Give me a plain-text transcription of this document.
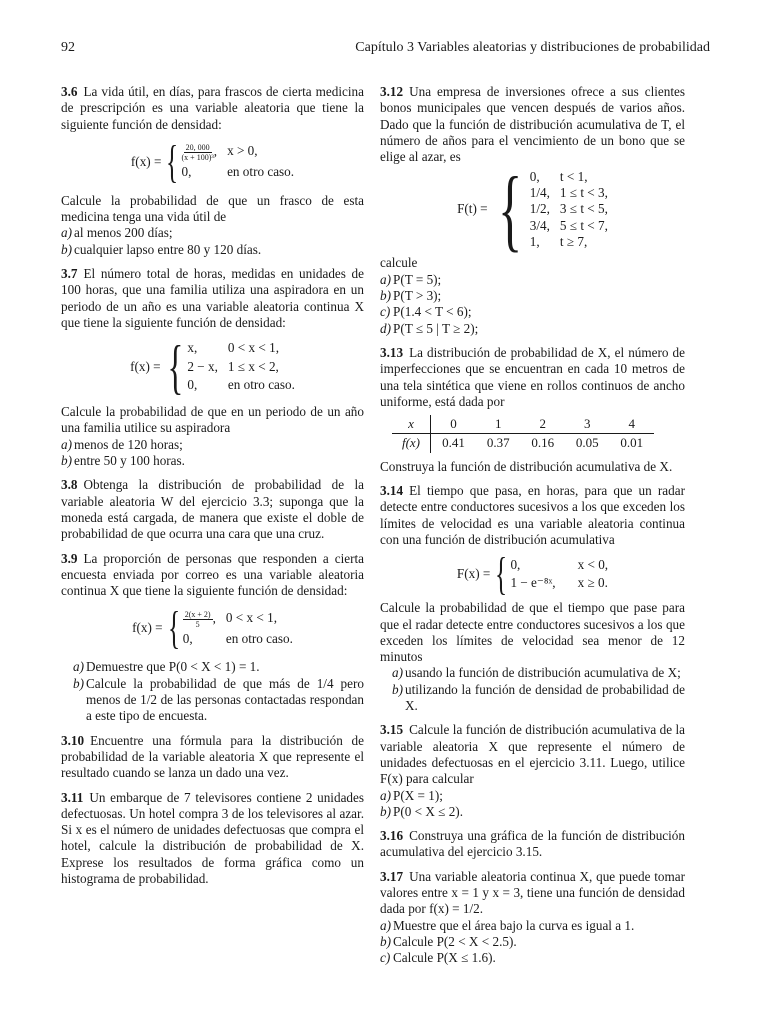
92	Capítulo 3 Variables aleatorias y distribuciones de probabilidad

3.6 La vida útil, en días, para frascos de cierta medicina de prescripción es una variable aleatoria que tiene la siguiente función de densidad:

f(x) = { $\frac{20, 000}{\text{(x + 100)³}}$ , x > 0,
0,	en otro caso.

Calcule la probabilidad de que un frasco de esta medicina tenga una vida útil de

a) al menos 200 días;
b) cualquier lapso entre 80 y 120 días.

3.7 El número total de horas, medidas en unidades de 100 horas, que una familia utiliza una aspiradora en un periodo de un año es una variable aleatoria continua X que tiene la siguiente función de densidad:

f(x) = { x,	0 < x < 1,
2 − x, 1 ≤ x < 2,
0,	en otro caso.

Calcule la probabilidad de que en un periodo de un año una familia utilice su aspiradora

a) menos de 120 horas;
b) entre 50 y 100 horas.

3.8 Obtenga la distribución de probabilidad de la variable aleatoria W del ejercicio 3.3; suponga que la moneda está cargada, de manera que existe el doble de probabilidad de que ocurra una cara que una cruz.

3.9 La proporción de personas que responden a cierta encuesta enviada por correo es una variable aleatoria continua X que tiene la siguiente función de densidad:

f(x) = { $\frac{2(x + 2)}{5}$ , 0 < x < 1,
0,	en otro caso.
a) Demuestre que P(0 < X < 1) = 1.
b) Calcule la probabilidad de que más de 1/4 pero menos de 1/2 de las personas contactadas respondan a este tipo de encuesta.

3.10 Encuentre una fórmula para la distribución de probabilidad de la variable aleatoria X que represente el resultado cuando se lanza un dado una vez.

3.11 Un embarque de 7 televisores contiene 2 unidades defectuosas. Un hotel compra 3 de los televisores al azar. Si x es el número de unidades defectuosas que compra el hotel, calcule la distribución de probabilidad de X. Exprese los resultados de forma gráfica como un histograma de probabilidad.

3.12 Una empresa de inversiones ofrece a sus clientes bonos municipales que vencen después de varios años. Dado que la función de distribución acumulativa de T, el número de años para el vencimiento de un bono que se elige al azar, es

F(t) = { 0,	t < 1,
1/4, 1 ≤ t < 3,
1/2, 3 ≤ t < 5,
3/4, 5 ≤ t < 7,
1,	t ≥ 7,

calcule

a) P(T = 5);
b) P(T > 3);
c) P(1.4 < T < 6);
d) P(T ≤ 5 | T ≥ 2);

3.13 La distribución de probabilidad de X, el número de imperfecciones que se encuentran en cada 10 metros de una tela sintética que viene en rollos continuos de ancho uniforme, está dada por

x	0	1	2	3	4
f(x)	0.41	0.37	0.16	0.05	0.01

Construya la función de distribución acumulativa de X.

3.14 El tiempo que pasa, en horas, para que un radar detecte entre conductores sucesivos a los que exceden los límites de velocidad es una variable aleatoria continua con una función de distribución acumulativa

F(x) = { 0,	x < 0,
1 − e⁻⁸ˣ, x ≥ 0.

Calcule la probabilidad de que el tiempo que pase para que el radar detecte entre conductores sucesivos a los que exceden los límites de velocidad sea menor de 12 minutos

a) usando la función de distribución acumulativa de X;
b) utilizando la función de densidad de probabilidad de X.

3.15 Calcule la función de distribución acumulativa de la variable aleatoria X que represente el número de unidades defectuosas en el ejercicio 3.11. Luego, utilice F(x) para calcular

a) P(X = 1);
b) P(0 < X ≤ 2).

3.16 Construya una gráfica de la función de distribución acumulativa del ejercicio 3.15.

3.17 Una variable aleatoria continua X, que puede tomar valores entre x = 1 y x = 3, tiene una función de densidad dada por f(x) = 1/2.

a) Muestre que el área bajo la curva es igual a 1.
b) Calcule P(2 < X < 2.5).
c) Calcule P(X ≤ 1.6).
